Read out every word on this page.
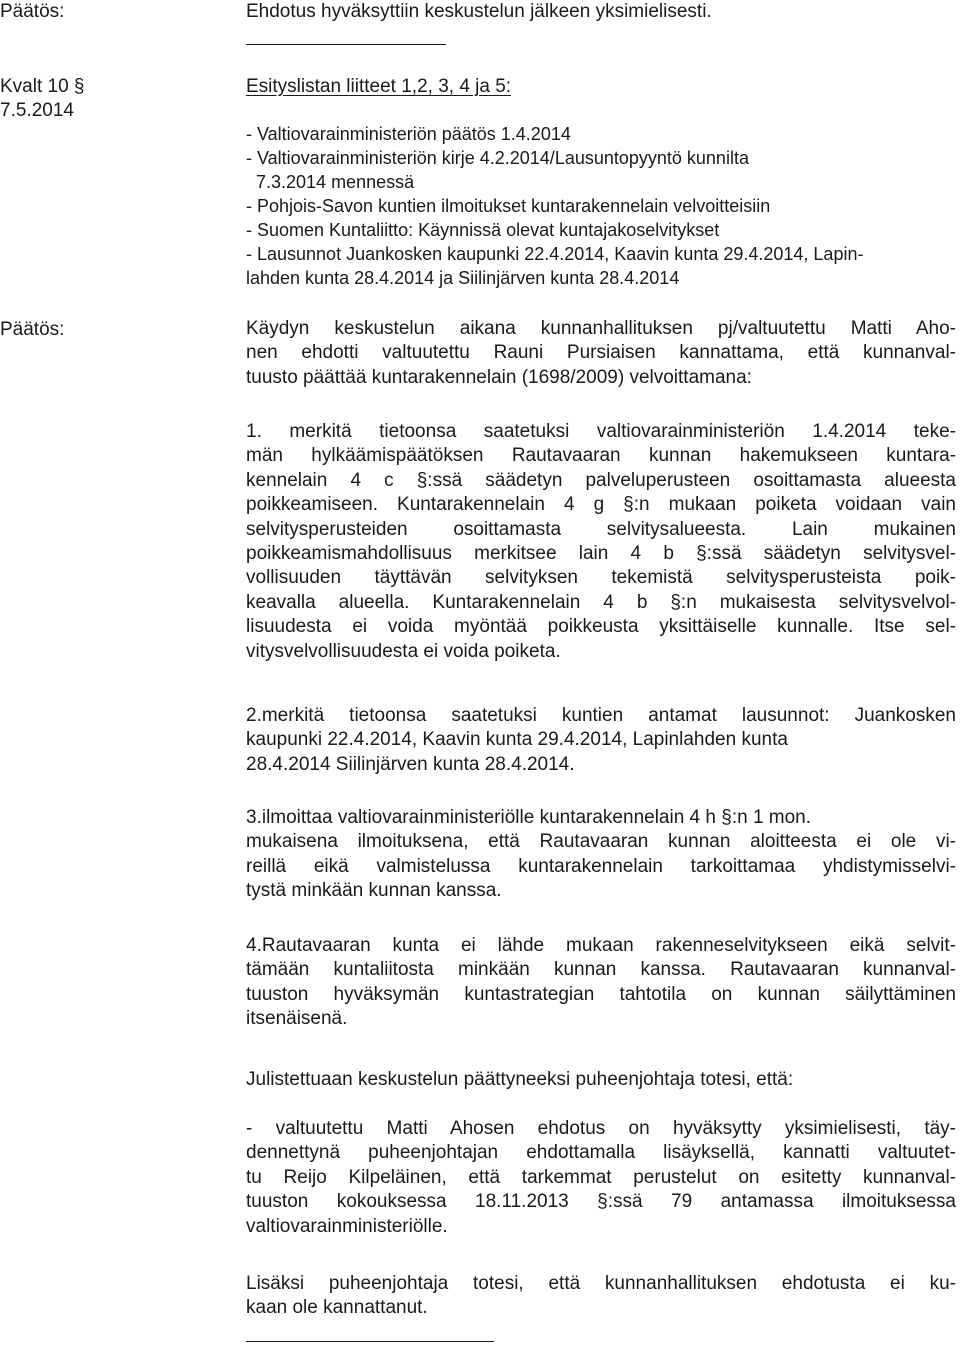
Päätös:	Ehdotus hyväksyttiin keskustelun jälkeen yksimielisesti.
Kvalt 10 §
7.5.2014
Esityslistan liitteet 1,2, 3, 4 ja 5:
- Valtiovarainministeriön päätös 1.4.2014
- Valtiovarainministeriön kirje 4.2.2014/Lausuntopyyntö kunnilta
7.3.2014 mennessä
- Pohjois-Savon kuntien ilmoitukset kuntarakennelain velvoitteisiin
- Suomen Kuntaliitto: Käynnissä olevat kuntajakoselvitykset
- Lausunnot Juankosken kaupunki 22.4.2014, Kaavin kunta 29.4.2014, Lapin-
lahden kunta 28.4.2014 ja Siilinjärven kunta 28.4.2014
Päätös:	Käydyn keskustelun aikana kunnanhallituksen pj/valtuutettu Matti Aho-
nen ehdotti valtuutettu Rauni Pursiaisen kannattama, että kunnanval-
tuusto päättää kuntarakennelain (1698/2009) velvoittamana:
1. merkitä tietoonsa saatetuksi valtiovarainministeriön 1.4.2014 teke-
män hylkäämispäätöksen Rautavaaran kunnan hakemukseen kuntara-
kennelain 4 c §:ssä säädetyn palveluperusteen osoittamasta alueesta
poikkeamiseen. Kuntarakennelain 4 g §:n mukaan poiketa voidaan vain
selvitysperusteiden osoittamasta selvitysalueesta. Lain mukainen
poikkeamismahdollisuus merkitsee lain 4 b §:ssä säädetyn selvitysvel-
vollisuuden täyttävän selvityksen tekemistä selvitysperusteista poik-
keavalla alueella. Kuntarakennelain 4 b §:n mukaisesta selvitysvelvol-
lisuudesta ei voida myöntää poikkeusta yksittäiselle kunnalle. Itse sel-
vitysvelvollisuudesta ei voida poiketa.
2.merkitä tietoonsa saatetuksi kuntien antamat lausunnot: Juankosken
kaupunki 22.4.2014, Kaavin kunta 29.4.2014, Lapinlahden kunta
28.4.2014 Siilinjärven kunta 28.4.2014.
3.ilmoittaa valtiovarainministeriölle kuntarakennelain 4 h §:n 1 mon.
mukaisena ilmoituksena, että Rautavaaran kunnan aloitteesta ei ole vi-
reillä eikä valmistelussa kuntarakennelain tarkoittamaa yhdistymisselvi-
tystä minkään kunnan kanssa.
4.Rautavaaran kunta ei lähde mukaan rakenneselvitykseen eikä selvit-
tämään kuntaliitosta minkään kunnan kanssa. Rautavaaran kunnanval-
tuuston hyväksymän kuntastrategian tahtotila on kunnan säilyttäminen
itsenäisenä.
Julistettuaan keskustelun päättyneeksi puheenjohtaja totesi, että:
- valtuutettu Matti Ahosen ehdotus on hyväksytty yksimielisesti, täy-
dennettynä puheenjohtajan ehdottamalla lisäyksellä, kannatti valtuutet-
tu Reijo Kilpeläinen, että tarkemmat perustelut on esitetty kunnanval-
tuuston kokouksessa 18.11.2013 §:ssä 79 antamassa ilmoituksessa
valtiovarainministeriölle.
Lisäksi puheenjohtaja totesi, että kunnanhallituksen ehdotusta ei ku-
kaan ole kannattanut.
